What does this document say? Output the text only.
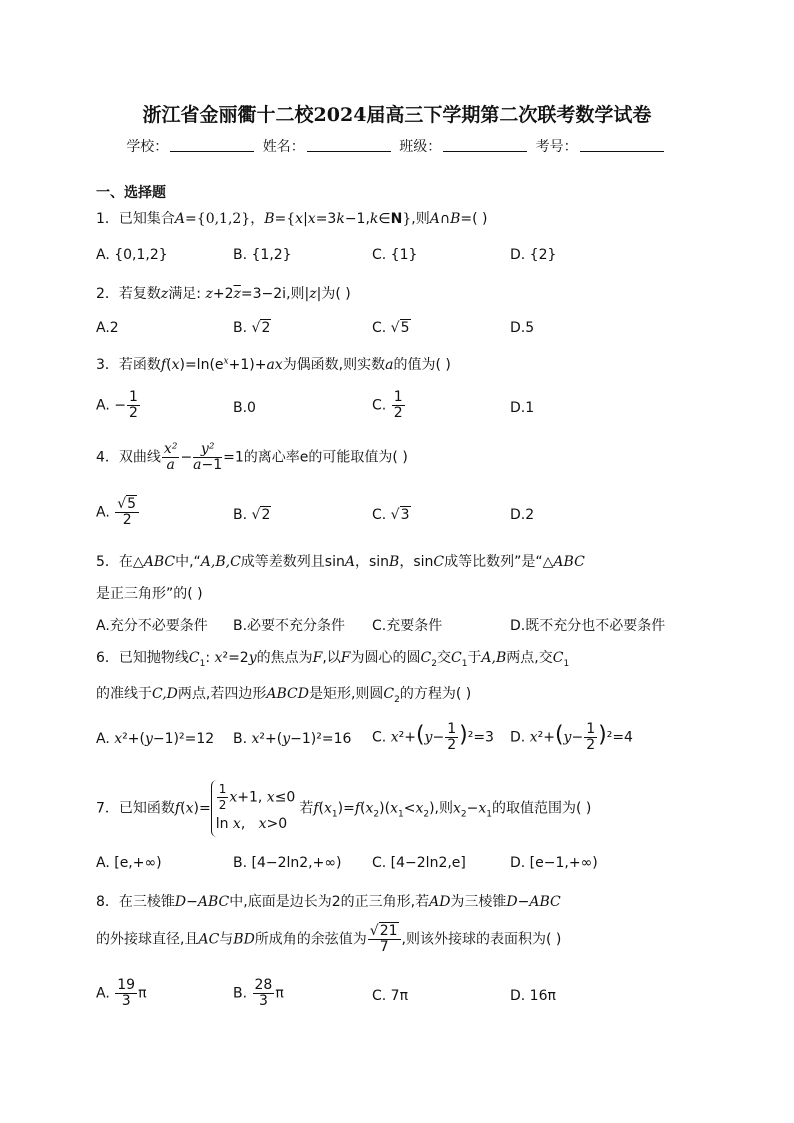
浙江省金丽衢十二校2024届高三下学期第二次联考数学试卷
学校：	姓名：	班级：	考号：
一、选择题
1．已知集合A={0,1,2}，B={x|x=3k−1,k∈N},则A∩B=( )
A. {0,1,2}	B. {1,2}	C. {1}	D. {2}
2．若复数z满足: $z+2\overline{z}=3-2i$,则|z|为( )
A.2	B. √2	C. √5	D.5
3．若函数$f(x)=\ln(e^x+1)+ax$为偶函数,则实数a的值为( )
A. − $\frac{1}{2}$	B.0	C. $\frac{1}{2}$	D.1
4．双曲线 $\frac{\text{x²}}{a} - \frac{\text{y²}}{a-1} =1$的离心率e的可能取值为( )
A. $\frac{√5}{2}$	B. √2	C. √3	D.2
5．在△ABC中,“A,B,C成等差数列且sinA，sinB，sinC成等比数列”是“△ABC
是正三角形”的( )
A.充分不必要条件 B.必要不充分条件 C.充要条件	D.既不充分也不必要条件
6．已知抛物线$C_1$: x²=2y的焦点为F,以F为圆心的圆$C_2$交$C_1$于A,B两点,交$C_1$
的准线于C,D两点,若四边形ABCD是矩形,则圆$C_2$的方程为( )
A. x²+(y−1)²=12 B. x²+(y−1)²=16 C. $x^2+(y- \frac{1}{2} )^2=3$ D. $x^2+(y- \frac{1}{2} )^2=4$
7．已知函数$f(x)= \frac{1}{2} x+1$, x≤0
ln x,   x>0
若$f(x_1)=f(x_2)(x_1<x_2)$,则$x_2-x_1$的取值范围为( )
A. [e,+∞)	B. [4−2ln2,+∞) C. [4−2ln2,e]	D. [e−1,+∞)
8．在三棱锥D−ABC中,底面是边长为2的正三角形,若AD为三棱锥D−ABC
的外接球直径,且AC与BD所成角的余弦值为 $\frac{√21}{7}$ ,则该外接球的表面积为( )
A. $\frac{19}{3}$ π	B. $\frac{28}{3}$ π	C. 7π	D. 16π
